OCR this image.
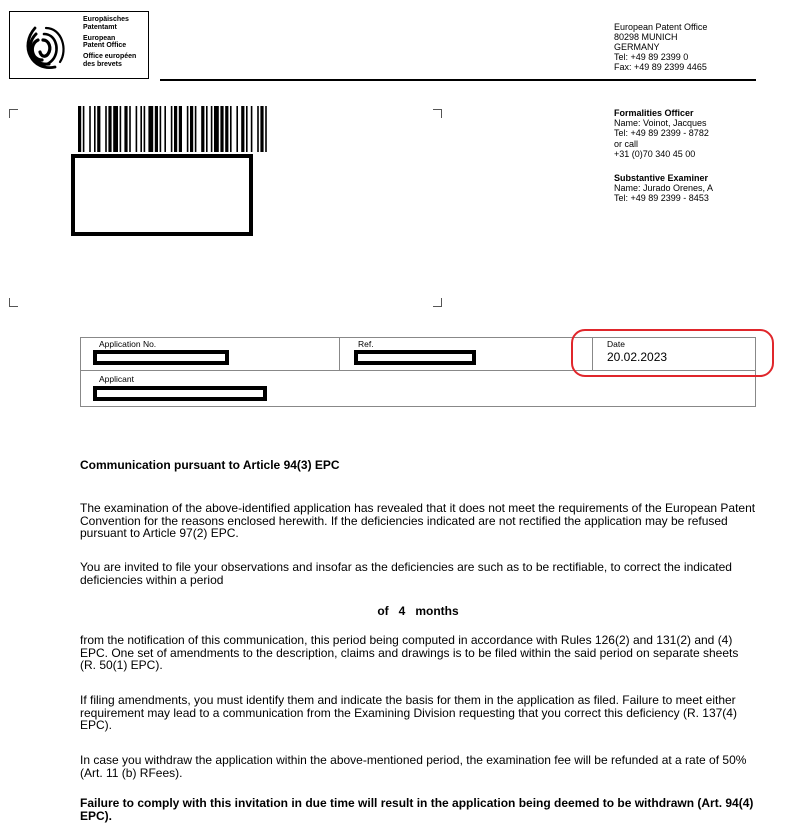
Europäisches
Patentamt
European
Patent Office
Office européen
des brevets
European Patent Office
80298 MUNICH
GERMANY
Tel: +49 89 2399 0
Fax: +49 89 2399 4465
Formalities Officer
Name: Voinot, Jacques
Tel: +49 89 2399 - 8782
or call
+31 (0)70 340 45 00
Substantive Examiner
Name: Jurado Orenes, A
Tel: +49 89 2399 - 8453
Application No.	Ref.	Date
20.02.2023
Applicant
Communication pursuant to Article 94(3) EPC
The examination of the above-identified application has revealed that it does not meet the requirements of the European Patent Convention for the reasons enclosed herewith. If the deficiencies indicated are not rectified the application may be refused pursuant to Article 97(2) EPC.
You are invited to file your observations and insofar as the deficiencies are such as to be rectifiable, to correct the indicated deficiencies within a period
of 4 months
from the notification of this communication, this period being computed in accordance with Rules 126(2) and 131(2) and (4) EPC. One set of amendments to the description, claims and drawings is to be filed within the said period on separate sheets (R. 50(1) EPC).
If filing amendments, you must identify them and indicate the basis for them in the application as filed. Failure to meet either requirement may lead to a communication from the Examining Division requesting that you correct this deficiency (R. 137(4) EPC).
In case you withdraw the application within the above-mentioned period, the examination fee will be refunded at a rate of 50% (Art. 11 (b) RFees).
Failure to comply with this invitation in due time will result in the application being deemed to be withdrawn (Art. 94(4) EPC).
